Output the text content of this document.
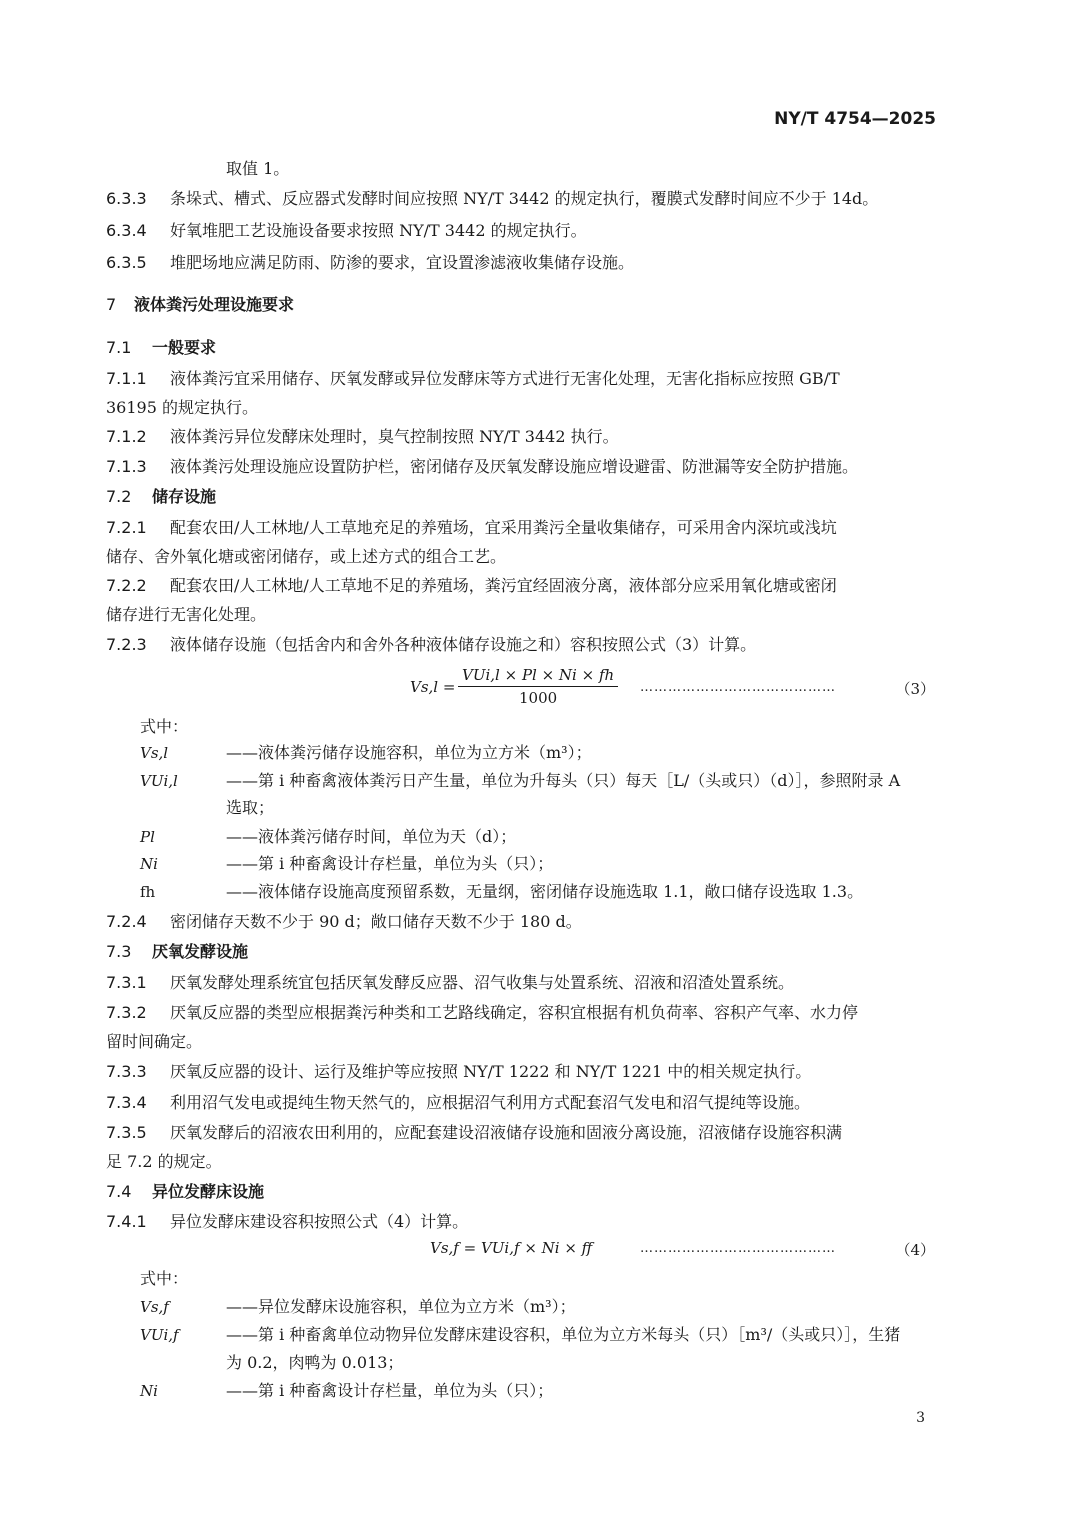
NY/T 4754—2025
取值 1。
6.3.3 条垛式、槽式、反应器式发酵时间应按照 NY/T 3442 的规定执行，覆膜式发酵时间应不少于 14d。
6.3.4 好氧堆肥工艺设施设备要求按照 NY/T 3442 的规定执行。
6.3.5 堆肥场地应满足防雨、防渗的要求，宜设置渗滤液收集储存设施。
7 液体粪污处理设施要求
7.1 一般要求
7.1.1 液体粪污宜采用储存、厌氧发酵或异位发酵床等方式进行无害化处理，无害化指标应按照 GB/T
36195 的规定执行。
7.1.2 液体粪污异位发酵床处理时，臭气控制按照 NY/T 3442 执行。
7.1.3 液体粪污处理设施应设置防护栏，密闭储存及厌氧发酵设施应增设避雷、防泄漏等安全防护措施。
7.2 储存设施
7.2.1 配套农田/人工林地/人工草地充足的养殖场，宜采用粪污全量收集储存，可采用舍内深坑或浅坑
储存、舍外氧化塘或密闭储存，或上述方式的组合工艺。
7.2.2 配套农田/人工林地/人工草地不足的养殖场，粪污宜经固液分离，液体部分应采用氧化塘或密闭
储存进行无害化处理。
7.2.3 液体储存设施（包括舍内和舍外各种液体储存设施之和）容积按照公式（3）计算。
Vs,l =
VUi,l × Pl × Ni × fh
1000
……………………………………	（3）
式中：
Vs,l	——液体粪污储存设施容积，单位为立方米（m³）；
VUi,l	——第 i 种畜禽液体粪污日产生量，单位为升每头（只）每天［L/（头或只）（d）］，参照附录 A
选取；
Pl	——液体粪污储存时间，单位为天（d）；
Ni	——第 i 种畜禽设计存栏量，单位为头（只）；
fh	——液体储存设施高度预留系数，无量纲，密闭储存设施选取 1.1，敞口储存设选取 1.3。
7.2.4 密闭储存天数不少于 90 d；敞口储存天数不少于 180 d。
7.3 厌氧发酵设施
7.3.1 厌氧发酵处理系统宜包括厌氧发酵反应器、沼气收集与处置系统、沼液和沼渣处置系统。
7.3.2 厌氧反应器的类型应根据粪污种类和工艺路线确定，容积宜根据有机负荷率、容积产气率、水力停
留时间确定。
7.3.3 厌氧反应器的设计、运行及维护等应按照 NY/T 1222 和 NY/T 1221 中的相关规定执行。
7.3.4 利用沼气发电或提纯生物天然气的，应根据沼气利用方式配套沼气发电和沼气提纯等设施。
7.3.5 厌氧发酵后的沼液农田利用的，应配套建设沼液储存设施和固液分离设施，沼液储存设施容积满
足 7.2 的规定。
7.4 异位发酵床设施
7.4.1 异位发酵床建设容积按照公式（4）计算。
Vs,f = VUi,f × Ni × ff	……………………………………	（4）
式中：
Vs,f	——异位发酵床设施容积，单位为立方米（m³）；
VUi,f	——第 i 种畜禽单位动物异位发酵床建设容积，单位为立方米每头（只）［m³/（头或只）］，生猪
为 0.2，肉鸭为 0.013；
Ni	——第 i 种畜禽设计存栏量，单位为头（只）；
3
